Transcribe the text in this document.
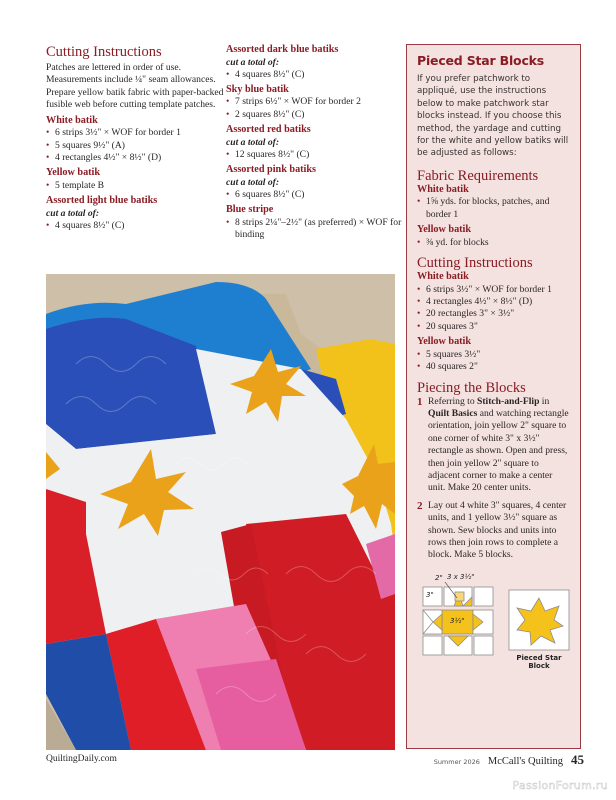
Cutting Instructions

Patches are lettered in order of use. Measurements include ¼" seam allowances. Prepare yellow batik fabric with paper-backed fusible web before cutting template patches.

White batik
• 6 strips 3½" × WOF for border 1
• 5 squares 9½" (A)
• 4 rectangles 4½" × 8½" (D)
Yellow batik
• 5 template B
Assorted light blue batiks
cut a total of:
• 4 squares 8½" (C)
Assorted dark blue batiks
cut a total of:
• 4 squares 8½" (C)
Sky blue batik
• 7 strips 6½" × WOF for border 2
• 2 squares 8½" (C)
Assorted red batiks
cut a total of:
• 12 squares 8½" (C)
Assorted pink batiks
cut a total of:
• 6 squares 8½" (C)
Blue stripe
• 8 strips 2¼"–2½" (as preferred) × WOF for binding
Pieced Star Blocks

If you prefer patchwork to appliqué, use the instructions below to make patchwork star blocks instead. If you choose this method, the yardage and cutting for the white and yellow batiks will be adjusted as follows:

Fabric Requirements
White batik
• 1⅝ yds. for blocks, patches, and border 1
Yellow batik
• ⅜ yd. for blocks
Cutting Instructions
White batik
• 6 strips 3½" × WOF for border 1
• 4 rectangles 4½" × 8½" (D)
• 20 rectangles 3" × 3½"
• 20 squares 3"
Yellow batik
• 5 squares 3½"
• 40 squares 2"
Piecing the Blocks
1 Referring to Stitch-and-Flip in Quilt Basics and watching rectangle orientation, join yellow 2" square to one corner of white 3" x 3½" rectangle as shown. Open and press, then join yellow 2" square to adjacent corner to make a center unit. Make 20 center units.
2 Lay out 4 white 3" squares, 4 center units, and 1 yellow 3½" square as shown. Sew blocks and units into rows then join rows to complete a block. Make 5 blocks.
2" 3 x 3½"
3"
3½"
Pieced Star
Block
QuiltingDaily.com	Summer 2026 McCall's Quilting 45
PassionForum.ru
